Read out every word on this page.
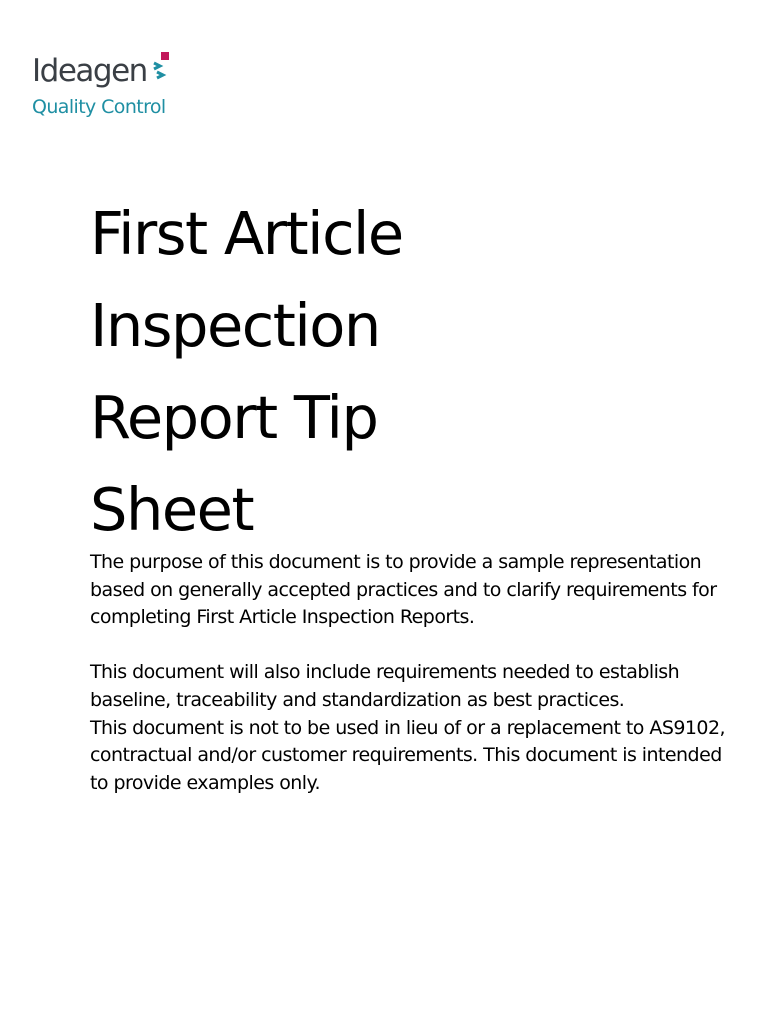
Ideagen
Quality Control
First Article
Inspection
Report Tip
Sheet

The purpose of this document is to provide a sample representation based on generally accepted practices and to clarify requirements for completing First Article Inspection Reports.

This document will also include requirements needed to establish baseline, traceability and standardization as best practices.

This document is not to be used in lieu of or a replacement to AS9102, contractual and/or customer requirements. This document is intended to provide examples only.
